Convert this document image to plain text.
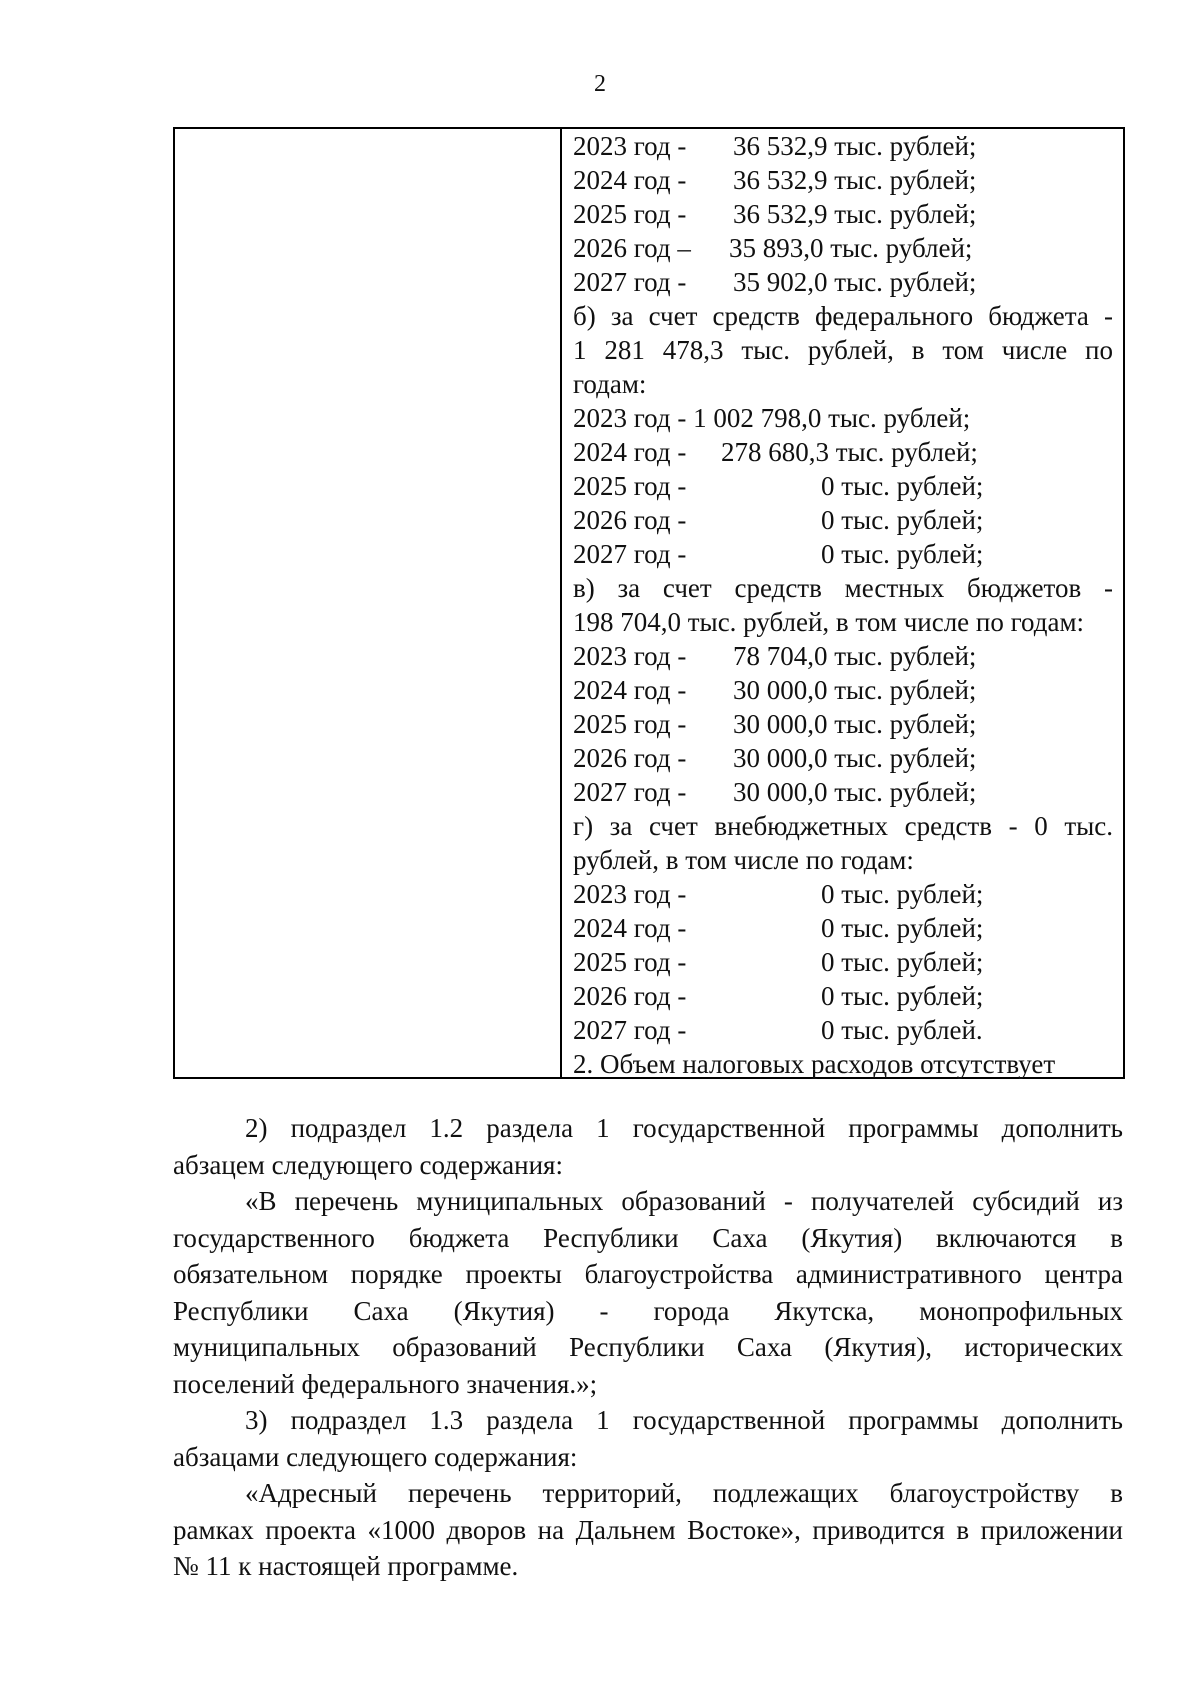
2
2023 год - 36 532,9 тыс. рублей;
2024 год - 36 532,9 тыс. рублей;
2025 год - 36 532,9 тыс. рублей;
2026 год – 35 893,0 тыс. рублей;
2027 год - 35 902,0 тыс. рублей;
б) за счет средств федерального бюджета -
1 281 478,3 тыс. рублей, в том числе по
годам:
2023 год - 1 002 798,0 тыс. рублей;
2024 год - 278 680,3 тыс. рублей;
2025 год -	0 тыс. рублей;
2026 год -	0 тыс. рублей;
2027 год -	0 тыс. рублей;
в) за счет средств местных бюджетов -
198 704,0 тыс. рублей, в том числе по годам:
2023 год - 78 704,0 тыс. рублей;
2024 год - 30 000,0 тыс. рублей;
2025 год - 30 000,0 тыс. рублей;
2026 год - 30 000,0 тыс. рублей;
2027 год - 30 000,0 тыс. рублей;
г) за счет внебюджетных средств - 0 тыс.
рублей, в том числе по годам:
2023 год -	0 тыс. рублей;
2024 год -	0 тыс. рублей;
2025 год -	0 тыс. рублей;
2026 год -	0 тыс. рублей;
2027 год -	0 тыс. рублей.
2. Объем налоговых расходов отсутствует

2) подраздел 1.2 раздела 1 государственной программы дополнить
абзацем следующего содержания:

«В перечень муниципальных образований - получателей субсидий из
государственного бюджета Республики Саха (Якутия) включаются в
обязательном порядке проекты благоустройства административного центра
Республики Саха (Якутия) - города Якутска, монопрофильных
муниципальных образований Республики Саха (Якутия), исторических
поселений федерального значения.»;

3) подраздел 1.3 раздела 1 государственной программы дополнить
абзацами следующего содержания:

«Адресный перечень территорий, подлежащих благоустройству в
рамках проекта «1000 дворов на Дальнем Востоке», приводится в приложении
№ 11 к настоящей программе.
